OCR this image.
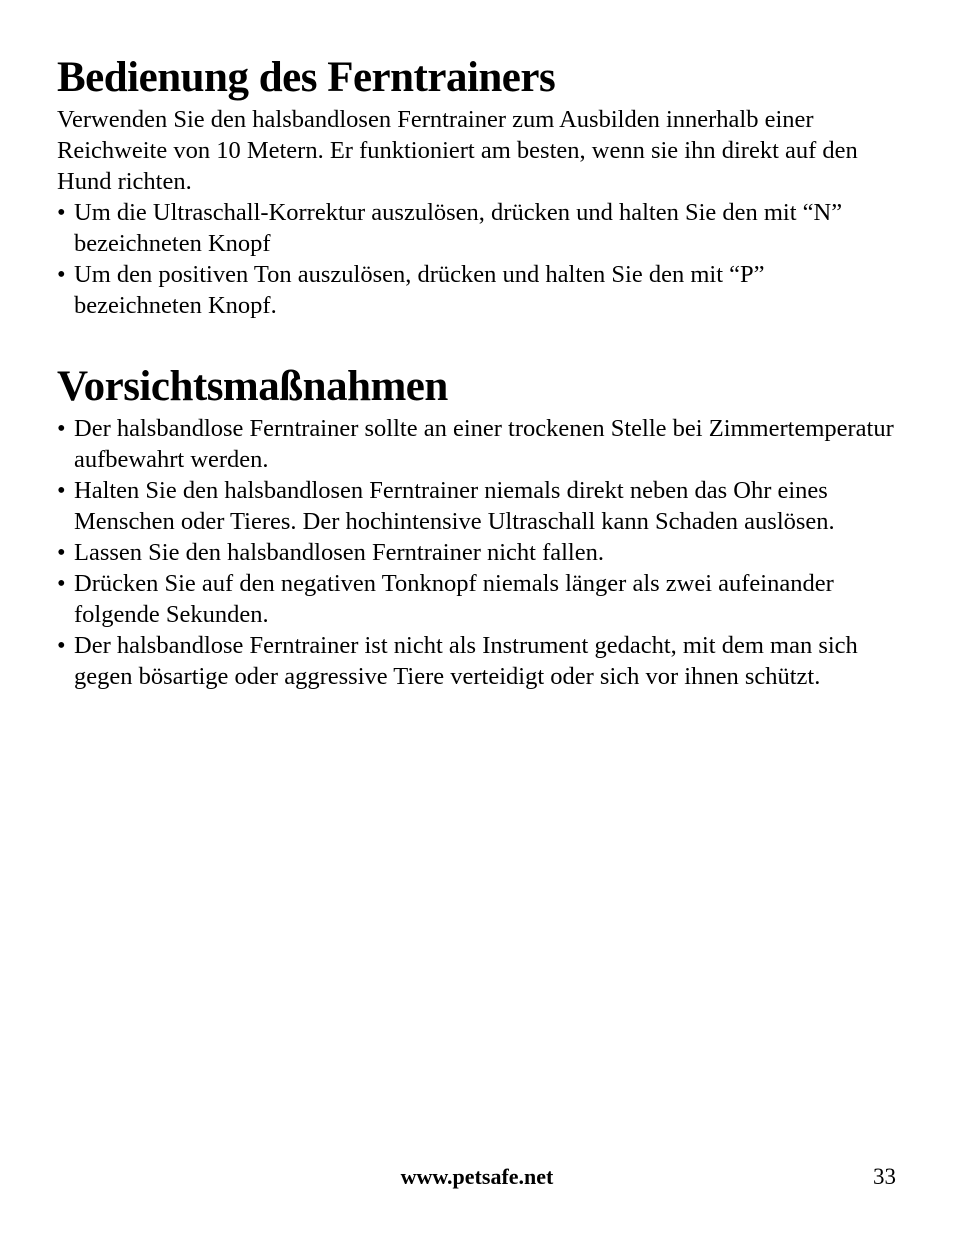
Bedienung des Ferntrainers

Verwenden Sie den halsbandlosen Ferntrainer zum Ausbilden innerhalb einer Reichweite von 10 Metern. Er funktioniert am besten, wenn sie ihn direkt auf den Hund richten.

• Um die Ultraschall-Korrektur auszulösen, drücken und halten Sie den mit “N” bezeichneten Knopf
• Um den positiven Ton auszulösen, drücken und halten Sie den mit “P” bezeichneten Knopf.
Vorsichtsmaßnahmen
• Der halsbandlose Ferntrainer sollte an einer trockenen Stelle bei Zimmertemperatur aufbewahrt werden.
• Halten Sie den halsbandlosen Ferntrainer niemals direkt neben das Ohr eines Menschen oder Tieres. Der hochintensive Ultraschall kann Schaden auslösen.
• Lassen Sie den halsbandlosen Ferntrainer nicht fallen.
• Drücken Sie auf den negativen Tonknopf niemals länger als zwei aufeinander folgende Sekunden.
• Der halsbandlose Ferntrainer ist nicht als Instrument gedacht, mit dem man sich gegen bösartige oder aggressive Tiere verteidigt oder sich vor ihnen schützt.
www.petsafe.net	33
